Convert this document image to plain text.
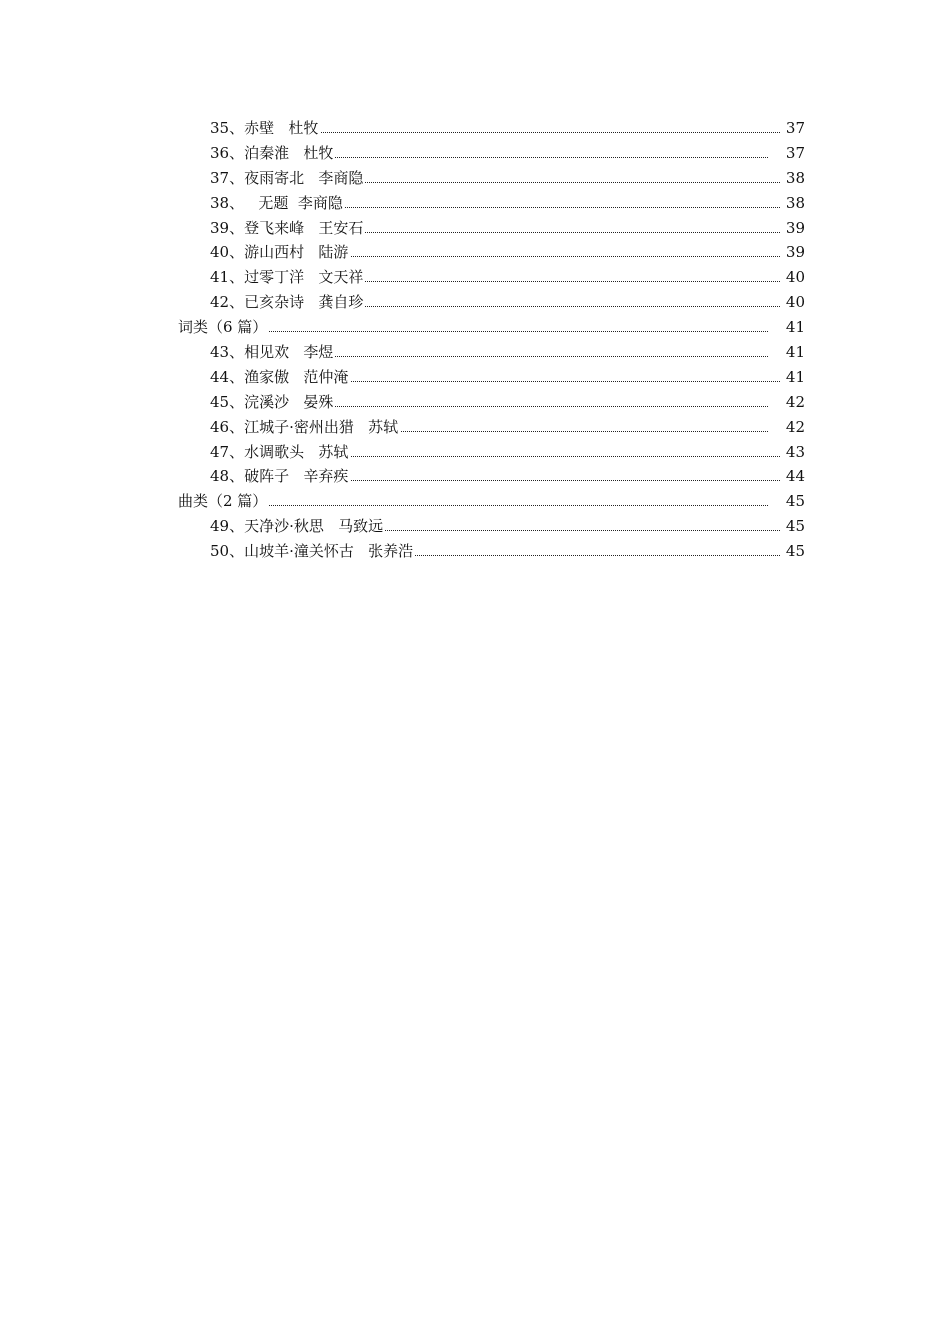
35、赤壁   杜牧	37
36、泊秦淮   杜牧	37
37、夜雨寄北   李商隐	38
38、   无题  李商隐	38
39、登飞来峰   王安石	39
40、游山西村   陆游	39
41、过零丁洋   文天祥	40
42、已亥杂诗   龚自珍	40
词类（6 篇）	41
43、相见欢   李煜	41
44、渔家傲   范仲淹	41
45、浣溪沙   晏殊	42
46、江城子·密州出猎   苏轼	42
47、水调歌头   苏轼	43
48、破阵子   辛弃疾	44
曲类（2 篇）	45
49、天净沙·秋思   马致远	45
50、山坡羊·潼关怀古   张养浩	45
